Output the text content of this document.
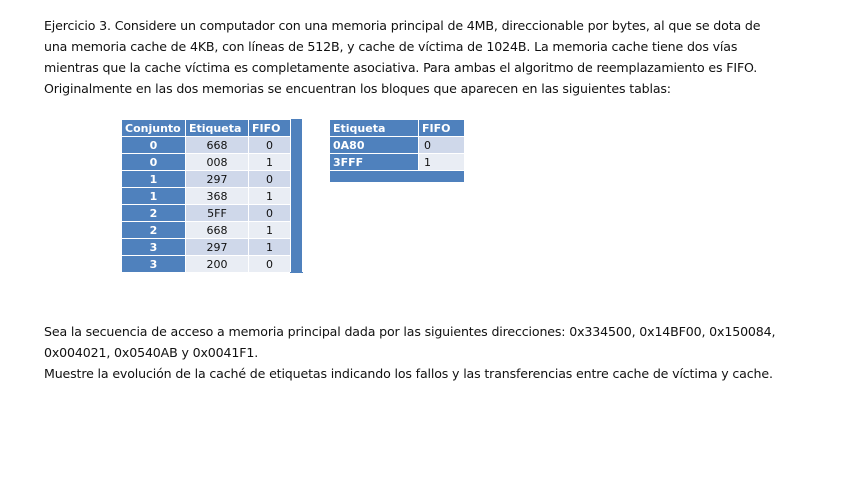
Ejercicio 3. Considere un computador con una memoria principal de 4MB, direccionable por bytes, al que se dota de
una memoria cache de 4KB, con líneas de 512B, y cache de víctima de 1024B. La memoria cache tiene dos vías
mientras que la cache víctima es completamente asociativa. Para ambas el algoritmo de reemplazamiento es FIFO.
Originalmente en las dos memorias se encuentran los bloques que aparecen en las siguientes tablas:
Conjunto	Etiqueta	FIFO	
0	668	0	
0	008	1	
1	297	0	
1	368	1	
2	5FF	0	
2	668	1	
3	297	1	
3	200	0	
Etiqueta	FIFO
0A80	0
3FFF	1

Sea la secuencia de acceso a memoria principal dada por las siguientes direcciones: 0x334500, 0x14BF00, 0x150084,
0x004021, 0x0540AB y 0x0041F1.
Muestre la evolución de la caché de etiquetas indicando los fallos y las transferencias entre cache de víctima y cache.
